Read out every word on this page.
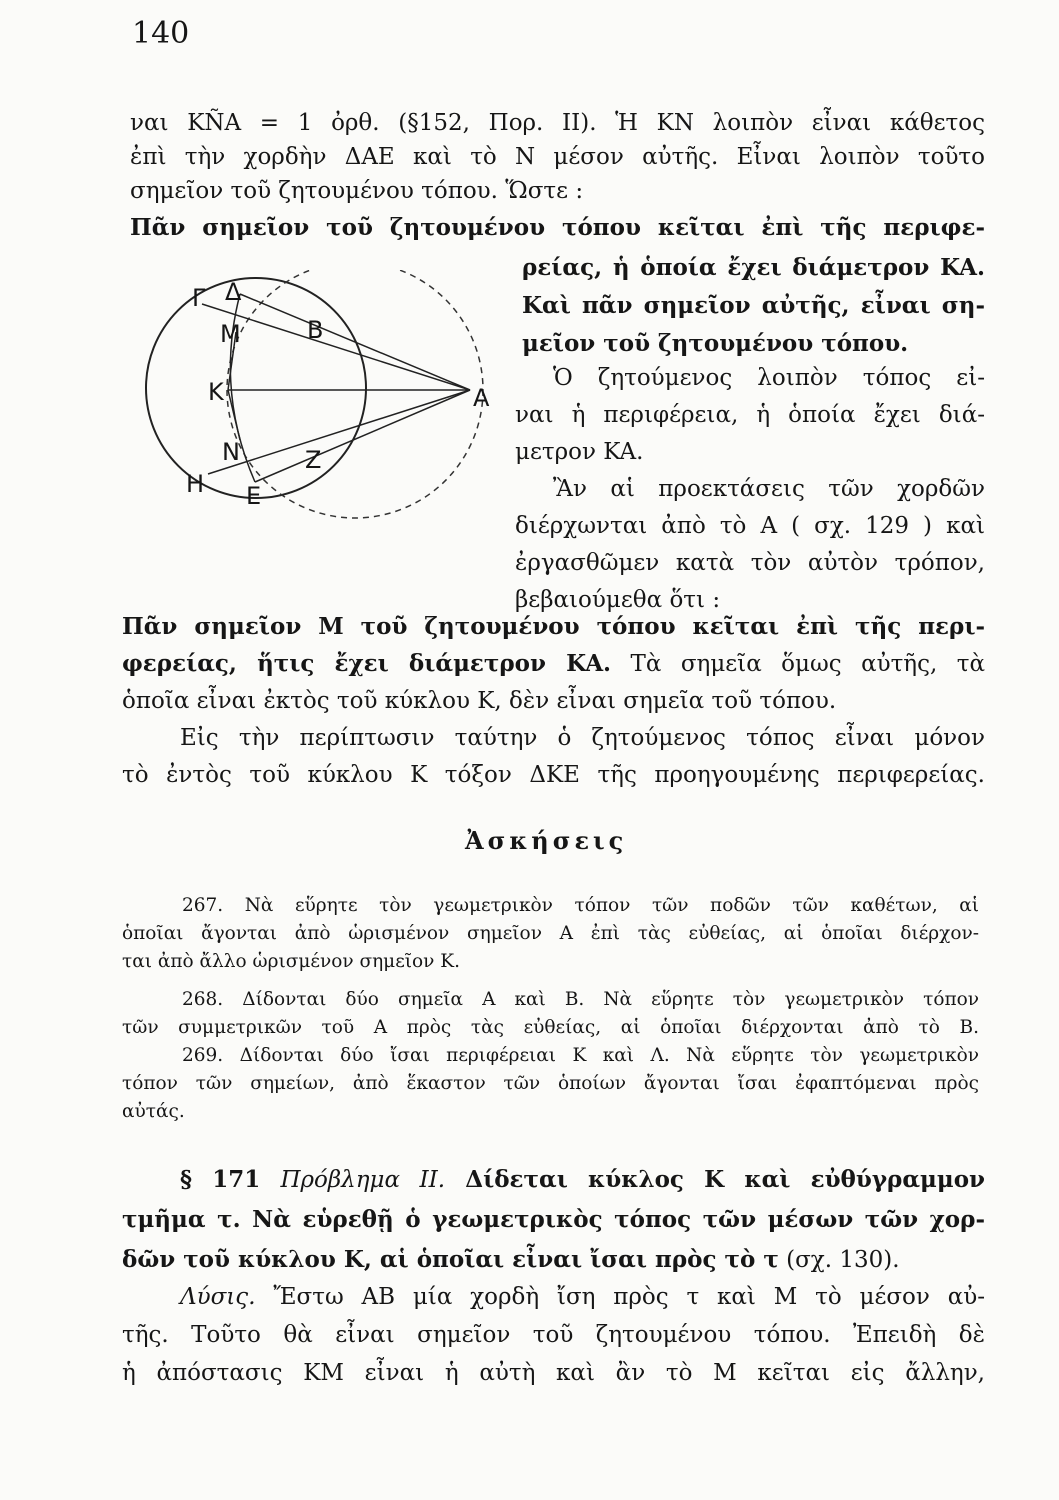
140
ναι KÑA = 1 ὀρθ. (§152, Πορ. II). Ἡ KN λοιπὸν εἶναι κάθετος
ἐπὶ τὴν χορδὴν ΔAE καὶ τὸ N μέσον αὐτῆς. Εἶναι λοιπὸν τοῦτο
σημεῖον τοῦ ζητουμένου τόπου. Ὥστε :
Πᾶν σημεῖον τοῦ ζητουμένου τόπου κεῖται ἐπὶ τῆς περιφε-
ρείας, ἡ ὁποία ἔχει διάμετρον KA.
Καὶ πᾶν σημεῖον αὐτῆς, εἶναι ση-
μεῖον τοῦ ζητουμένου τόπου.
Ὁ ζητούμενος λοιπὸν τόπος εἰ-
ναι ἡ περιφέρεια, ἡ ὁποία ἔχει διά-
μετρον KA.
Ἂν αἱ προεκτάσεις τῶν χορδῶν
διέρχωνται ἀπὸ τὸ A ( σχ. 129 ) καὶ
ἐργασθῶμεν κατὰ τὸν αὐτὸν τρόπον,
βεβαιούμεθα ὅτι :
Γ Δ
M	B
K	A
N	Z
H E
Πᾶν σημεῖον M τοῦ ζητουμένου τόπου κεῖται ἐπὶ τῆς περι-
φερείας, ἥτις ἔχει διάμετρον KA. Τὰ σημεῖα ὅμως αὐτῆς, τὰ
ὁποῖα εἶναι ἐκτὸς τοῦ κύκλου K, δὲν εἶναι σημεῖα τοῦ τόπου.
Εἰς τὴν περίπτωσιν ταύτην ὁ ζητούμενος τόπος εἶναι μόνον
τὸ ἐντὸς τοῦ κύκλου K τόξον ΔKE τῆς προηγουμένης περιφερείας.
Ἀσκήσεις
267. Νὰ εὕρητε τὸν γεωμετρικὸν τόπον τῶν ποδῶν τῶν καθέτων, αἱ
ὁποῖαι ἄγονται ἀπὸ ὡρισμένον σημεῖον A ἐπὶ τὰς εὐθείας, αἱ ὁποῖαι διέρχον-
ται ἀπὸ ἄλλο ὡρισμένον σημεῖον K.
268. Δίδονται δύο σημεῖα A καὶ B. Νὰ εὕρητε τὸν γεωμετρικὸν τόπον
τῶν συμμετρικῶν τοῦ A πρὸς τὰς εὐθείας, αἱ ὁποῖαι διέρχονται ἀπὸ τὸ B.
269. Δίδονται δύο ἴσαι περιφέρειαι K καὶ Λ. Νὰ εὕρητε τὸν γεωμετρικὸν
τόπον τῶν σημείων, ἀπὸ ἕκαστον τῶν ὁποίων ἄγονται ἴσαι ἐφαπτόμεναι πρὸς
αὐτάς.
§ 171 Πρόβλημα II. Δίδεται κύκλος K καὶ εὐθύγραμμον
τμῆμα τ. Νὰ εὑρεθῇ ὁ γεωμετρικὸς τόπος τῶν μέσων τῶν χορ-
δῶν τοῦ κύκλου K, αἱ ὁποῖαι εἶναι ἴσαι πρὸς τὸ τ (σχ. 130).
Λύσις. Ἔστω AB μία χορδὴ ἴση πρὸς τ καὶ M τὸ μέσον αὐ-
τῆς. Τοῦτο θὰ εἶναι σημεῖον τοῦ ζητουμένου τόπου. Ἐπειδὴ δὲ
ἡ ἀπόστασις KM εἶναι ἡ αὐτὴ καὶ ἂν τὸ M κεῖται εἰς ἄλλην,
